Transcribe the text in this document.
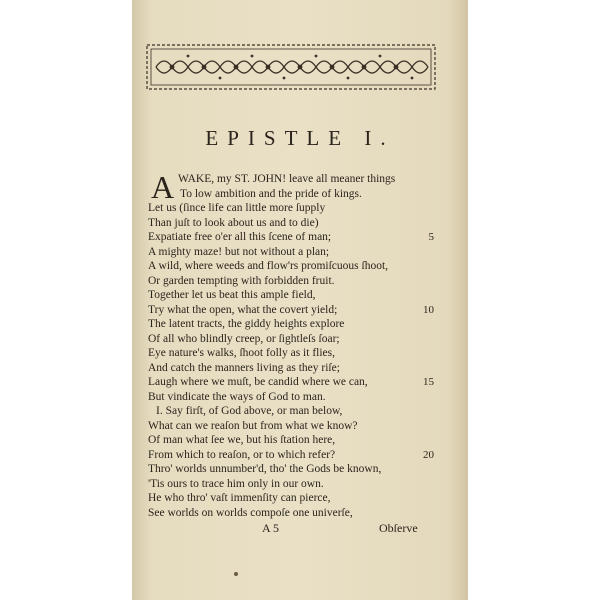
EPISTLE I.
A WAKE, my ST. JOHN! leave all meaner things
To low ambition and the pride of kings.
Let us (ſince life can little more ſupply
Than juſt to look about us and to die)
Expatiate free o'er all this ſcene of man;
A mighty maze! but not without a plan;
A wild, where weeds and flow'rs promiſcuous ſhoot,
Or garden tempting with forbidden fruit.
Together let us beat this ample field,
Try what the open, what the covert yield;
The latent tracts, the giddy heights explore
Of all who blindly creep, or ſightleſs ſoar;
Eye nature's walks, ſhoot folly as it flies,
And catch the manners living as they riſe;
Laugh where we muſt, be candid where we can,
But vindicate the ways of God to man.
I. Say firſt, of God above, or man below,
What can we reaſon but from what we know?
Of man what ſee we, but his ſtation here,
From which to reaſon, or to which refer?
Thro' worlds unnumber'd, tho' the Gods be known,
'Tis ours to trace him only in our own.
He who thro' vaſt immenſity can pierce,
See worlds on worlds compoſe one univerſe,
5
10
15
20
A 5	Obſerve
